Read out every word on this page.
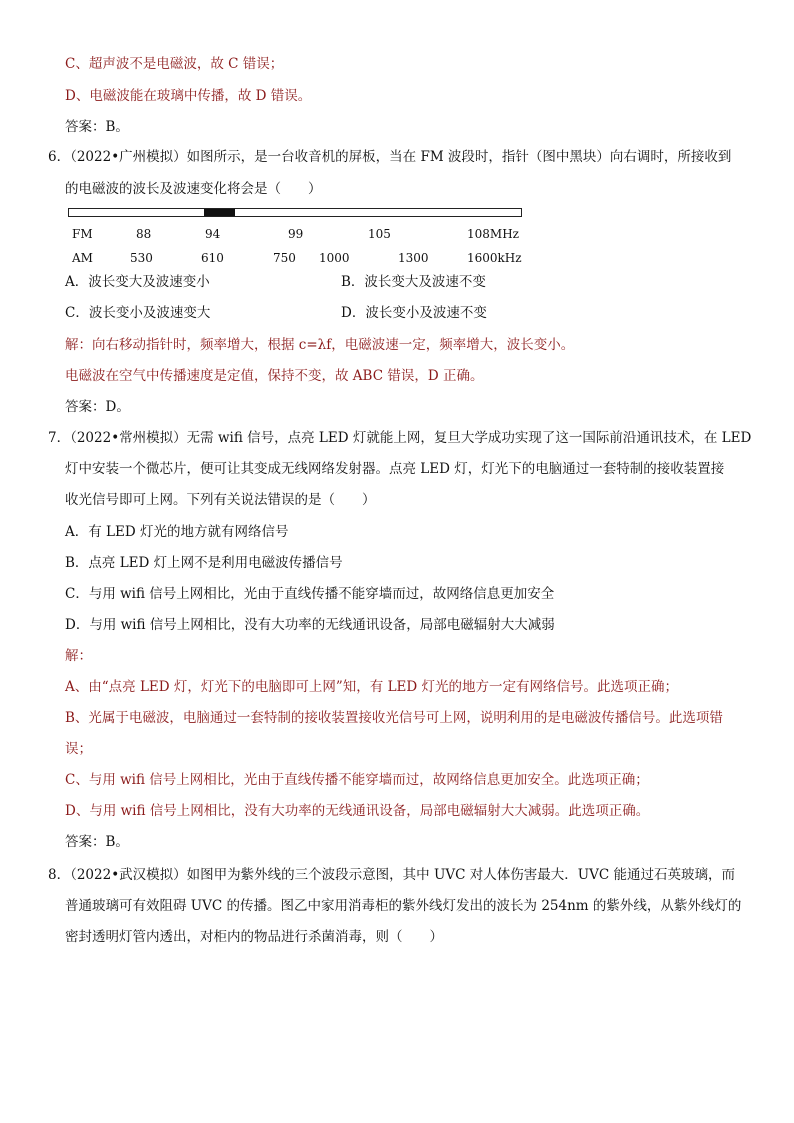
C、超声波不是电磁波，故 C 错误；
D、电磁波能在玻璃中传播，故 D 错误。
答案：B。
6．（2022•广州模拟）如图所示，是一台收音机的屏板，当在 FM 波段时，指针（图中黑块）向右调时，所接收到
的电磁波的波长及波速变化将会是（　　）
FM	88	94	99	105	108MHz
AM	530	610	750 1000	1300	1600kHz
A．波长变大及波速变小	B．波长变大及波速不变
C．波长变小及波速变大	D．波长变小及波速不变
解：向右移动指针时，频率增大，根据 c=λf，电磁波速一定，频率增大，波长变小。
电磁波在空气中传播速度是定值，保持不变，故 ABC 错误，D 正确。
答案：D。
7．（2022•常州模拟）无需 wifi 信号，点亮 LED 灯就能上网，复旦大学成功实现了这一国际前沿通讯技术，在 LED
灯中安装一个微芯片，便可让其变成无线网络发射器。点亮 LED 灯，灯光下的电脑通过一套特制的接收装置接
收光信号即可上网。下列有关说法错误的是（　　）
A．有 LED 灯光的地方就有网络信号
B．点亮 LED 灯上网不是利用电磁波传播信号
C．与用 wifi 信号上网相比，光由于直线传播不能穿墙而过，故网络信息更加安全
D．与用 wifi 信号上网相比，没有大功率的无线通讯设备，局部电磁辐射大大减弱
解：
A、由“点亮 LED 灯，灯光下的电脑即可上网”知，有 LED 灯光的地方一定有网络信号。此选项正确；
B、光属于电磁波，电脑通过一套特制的接收装置接收光信号可上网，说明利用的是电磁波传播信号。此选项错
误；
C、与用 wifi 信号上网相比，光由于直线传播不能穿墙而过，故网络信息更加安全。此选项正确；
D、与用 wifi 信号上网相比，没有大功率的无线通讯设备，局部电磁辐射大大减弱。此选项正确。
答案：B。
8．（2022•武汉模拟）如图甲为紫外线的三个波段示意图，其中 UVC 对人体伤害最大．UVC 能通过石英玻璃，而
普通玻璃可有效阻碍 UVC 的传播。图乙中家用消毒柜的紫外线灯发出的波长为 254nm 的紫外线，从紫外线灯的
密封透明灯管内透出，对柜内的物品进行杀菌消毒，则（　　）
